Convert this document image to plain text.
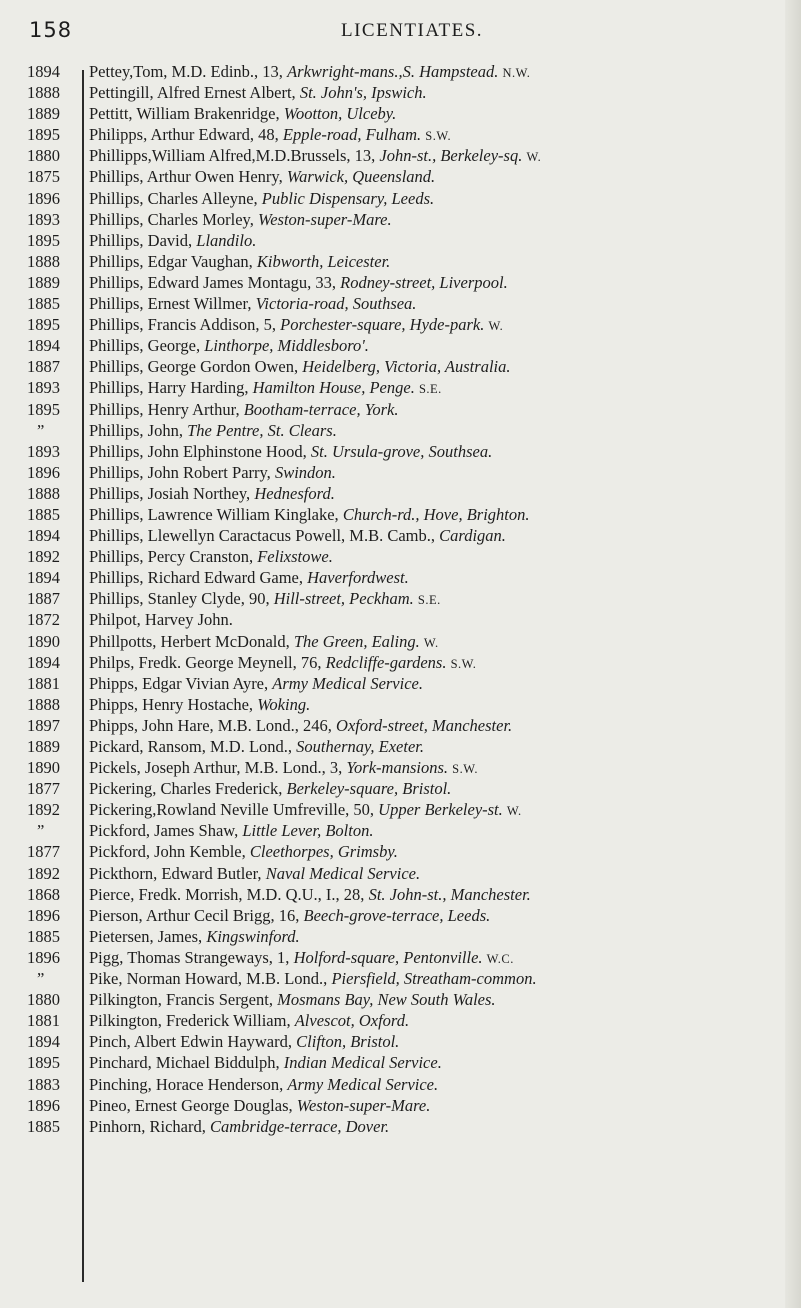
158	LICENTIATES.
1894	Pettey,Tom, M.D. Edinb., 13, Arkwright-mans.,S. Hampstead. N.W.
1888	Pettingill, Alfred Ernest Albert, St. John's, Ipswich.
1889	Pettitt, William Brakenridge, Wootton, Ulceby.
1895	Philipps, Arthur Edward, 48, Epple-road, Fulham. S.W.
1880	Phillipps,William Alfred,M.D.Brussels, 13, John-st., Berkeley-sq. W.
1875	Phillips, Arthur Owen Henry, Warwick, Queensland.
1896	Phillips, Charles Alleyne, Public Dispensary, Leeds.
1893	Phillips, Charles Morley, Weston-super-Mare.
1895	Phillips, David, Llandilo.
1888	Phillips, Edgar Vaughan, Kibworth, Leicester.
1889	Phillips, Edward James Montagu, 33, Rodney-street, Liverpool.
1885	Phillips, Ernest Willmer, Victoria-road, Southsea.
1895	Phillips, Francis Addison, 5, Porchester-square, Hyde-park. W.
1894	Phillips, George, Linthorpe, Middlesboro'.
1887	Phillips, George Gordon Owen, Heidelberg, Victoria, Australia.
1893	Phillips, Harry Harding, Hamilton House, Penge. S.E.
1895	Phillips, Henry Arthur, Bootham-terrace, York.
”	Phillips, John, The Pentre, St. Clears.
1893	Phillips, John Elphinstone Hood, St. Ursula-grove, Southsea.
1896	Phillips, John Robert Parry, Swindon.
1888	Phillips, Josiah Northey, Hednesford.
1885	Phillips, Lawrence William Kinglake, Church-rd., Hove, Brighton.
1894	Phillips, Llewellyn Caractacus Powell, M.B. Camb., Cardigan.
1892	Phillips, Percy Cranston, Felixstowe.
1894	Phillips, Richard Edward Game, Haverfordwest.
1887	Phillips, Stanley Clyde, 90, Hill-street, Peckham. S.E.
1872	Philpot, Harvey John.
1890	Phillpotts, Herbert McDonald, The Green, Ealing. W.
1894	Philps, Fredk. George Meynell, 76, Redcliffe-gardens. S.W.
1881	Phipps, Edgar Vivian Ayre, Army Medical Service.
1888	Phipps, Henry Hostache, Woking.
1897	Phipps, John Hare, M.B. Lond., 246, Oxford-street, Manchester.
1889	Pickard, Ransom, M.D. Lond., Southernay, Exeter.
1890	Pickels, Joseph Arthur, M.B. Lond., 3, York-mansions. S.W.
1877	Pickering, Charles Frederick, Berkeley-square, Bristol.
1892	Pickering,Rowland Neville Umfreville, 50, Upper Berkeley-st. W.
”	Pickford, James Shaw, Little Lever, Bolton.
1877	Pickford, John Kemble, Cleethorpes, Grimsby.
1892	Pickthorn, Edward Butler, Naval Medical Service.
1868	Pierce, Fredk. Morrish, M.D. Q.U., I., 28, St. John-st., Manchester.
1896	Pierson, Arthur Cecil Brigg, 16, Beech-grove-terrace, Leeds.
1885	Pietersen, James, Kingswinford.
1896	Pigg, Thomas Strangeways, 1, Holford-square, Pentonville. W.C.
”	Pike, Norman Howard, M.B. Lond., Piersfield, Streatham-common.
1880	Pilkington, Francis Sergent, Mosmans Bay, New South Wales.
1881	Pilkington, Frederick William, Alvescot, Oxford.
1894	Pinch, Albert Edwin Hayward, Clifton, Bristol.
1895	Pinchard, Michael Biddulph, Indian Medical Service.
1883	Pinching, Horace Henderson, Army Medical Service.
1896	Pineo, Ernest George Douglas, Weston-super-Mare.
1885	Pinhorn, Richard, Cambridge-terrace, Dover.
